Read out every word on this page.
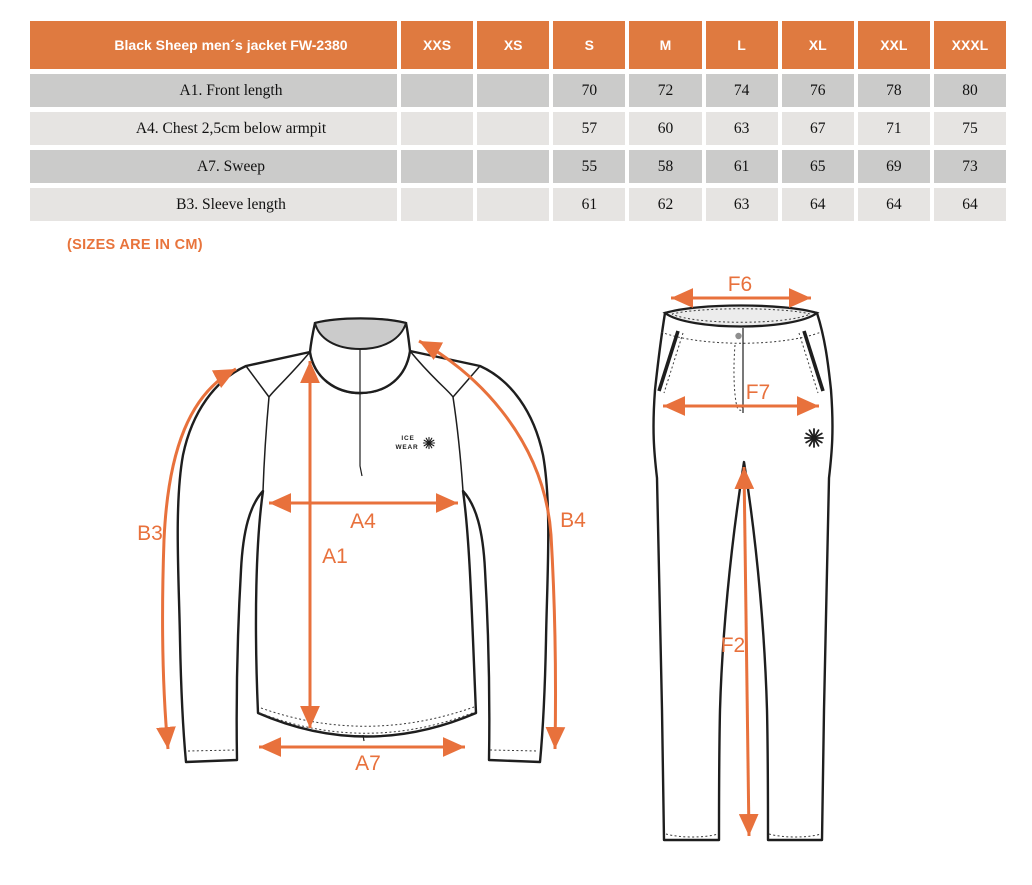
Black Sheep men´s jacket FW-2380	XXS	XS	S	M	L	XL	XXL	XXXL
A1. Front length			70	72	74	76	78	80
A4. Chest 2,5cm below armpit			57	60	63	67	71	75
A7. Sweep			55	58	61	65	69	73
B3. Sleeve length			61	62	63	64	64	64
(SIZES ARE IN CM)
ICE
WEAR
B3
B4
A4
A1
A7
F6
F7
F2
